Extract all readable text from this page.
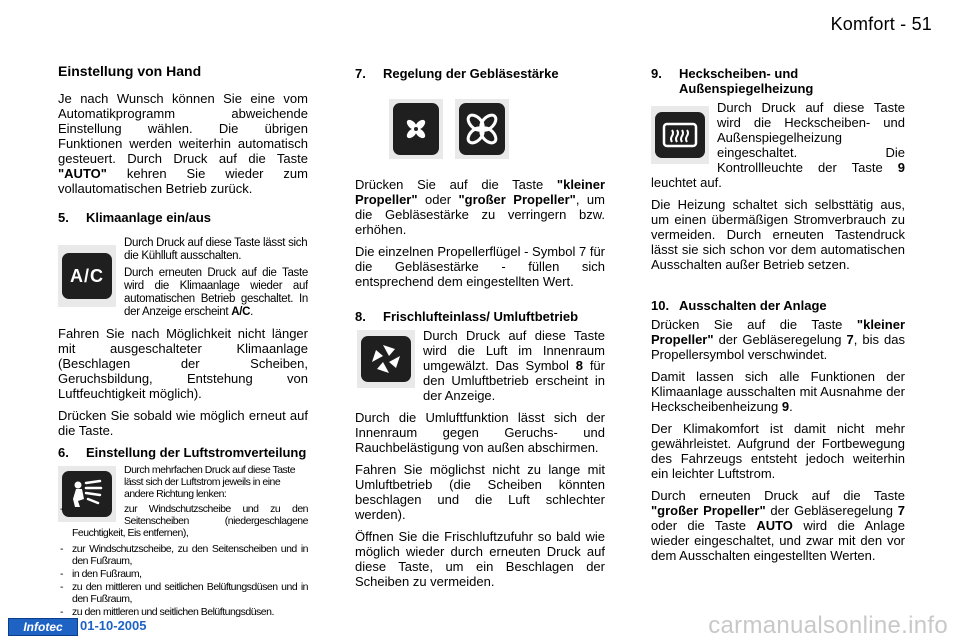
Komfort - 51
Einstellung von Hand

Je nach Wunsch können Sie eine vom Automatikprogramm abweichende Einstellung wählen. Die übrigen Funktionen werden weiterhin automatisch gesteuert. Durch Druck auf die Taste "AUTO" kehren Sie wieder zum vollautomatischen Betrieb zurück.

5.	Klimaanlage ein/aus
A/C

Durch Druck auf diese Taste lässt sich die Kühlluft ausschalten.

Durch erneuten Druck auf die Taste wird die Klimaanlage wieder auf automatischen Betrieb geschaltet. In der Anzeige erscheint A/C.

Fahren Sie nach Möglichkeit nicht länger mit ausgeschalteter Klimaanlage (Beschlagen der Scheiben, Geruchsbildung, Entstehung von Luftfeuchtigkeit möglich).

Drücken Sie sobald wie möglich erneut auf die Taste.

6.	Einstellung der Luftstromverteilung

Durch mehrfachen Druck auf diese Taste lässt sich der Luftstrom jeweils in eine andere Richtung lenken:

- zur Windschutzscheibe und zu den Seitenscheiben (niedergeschlagene Feuchtigkeit, Eis entfernen),
- zur Windschutzscheibe, zu den Seitenscheiben und in den Fußraum,
- in den Fußraum,
- zu den mittleren und seitlichen Belüftungsdüsen und in den Fußraum,
- zu den mittleren und seitlichen Belüftungsdüsen.
7.	Regelung der Gebläsestärke

Drücken Sie auf die Taste "kleiner Propeller" oder "großer Propeller", um die Gebläsestärke zu verringern bzw. erhöhen.

Die einzelnen Propellerflügel - Symbol 7 für die Gebläsestärke - füllen sich entsprechend dem eingestellten Wert.

8.	Frischlufteinlass/ Umluftbetrieb

Durch Druck auf diese Taste wird die Luft im Innenraum umgewälzt. Das Symbol 8 für den Umluftbetrieb erscheint in der Anzeige.

Durch die Umluftfunktion lässt sich der Innenraum gegen Geruchs- und Rauchbelästigung von außen abschirmen.

Fahren Sie möglichst nicht zu lange mit Umluftbetrieb (die Scheiben könnten beschlagen und die Luft schlechter werden).

Öffnen Sie die Frischluftzufuhr so bald wie möglich wieder durch erneuten Druck auf diese Taste, um ein Beschlagen der Scheiben zu vermeiden.

9.	Heckscheiben- und Außenspiegelheizung

Durch Druck auf diese Taste wird die Heckscheiben- und Außenspiegelheizung eingeschaltet. Die Kontrollleuchte der Taste 9 leuchtet auf.

Die Heizung schaltet sich selbsttätig aus, um einen übermäßigen Stromverbrauch zu vermeiden. Durch erneuten Tastendruck lässt sie sich schon vor dem automatischen Ausschalten außer Betrieb setzen.

10. Ausschalten der Anlage

Drücken Sie auf die Taste "kleiner Propeller" der Gebläseregelung 7, bis das Propellersymbol verschwindet.

Damit lassen sich alle Funktionen der Klimaanlage ausschalten mit Ausnahme der Heckscheibenheizung 9.

Der Klimakomfort ist damit nicht mehr gewährleistet. Aufgrund der Fortbewegung des Fahrzeugs entsteht jedoch weiterhin ein leichter Luftstrom.

Durch erneuten Druck auf die Taste "großer Propeller" der Gebläseregelung 7 oder die Taste AUTO wird die Anlage wieder eingeschaltet, und zwar mit den vor dem Ausschalten eingestellten Werten.

Infotec	01-10-2005	carmanualsonline.info
